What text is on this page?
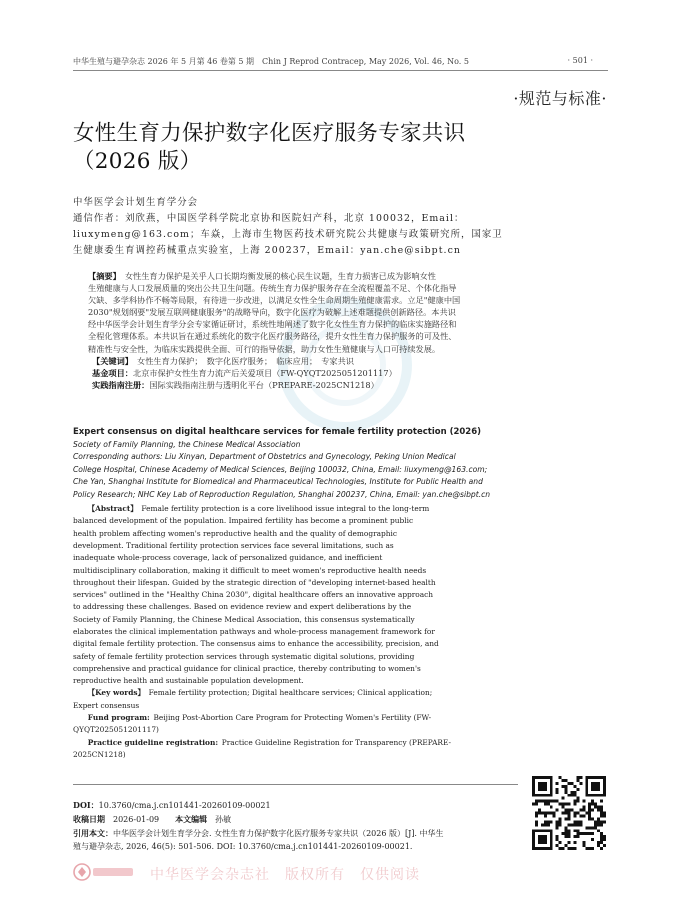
中华生殖与避孕杂志 2026 年 5 月第 46 卷第 5 期　Chin J Reprod Contracep, May 2026, Vol. 46, No. 5	· 501 ·
·规范与标准·
女性生育力保护数字化医疗服务专家共识
（2026 版）
中华医学会计划生育学分会
通信作者：刘欣燕，中国医学科学院北京协和医院妇产科，北京 100032，Email：
liuxymeng@163.com；车焱，上海市生物医药技术研究院公共健康与政策研究所，国家卫
生健康委生育调控药械重点实验室，上海 200237，Email：yan.che@sibpt.cn
【摘要】  女性生育力保护是关乎人口长期均衡发展的核心民生议题，生育力损害已成为影响女性
生殖健康与人口发展质量的突出公共卫生问题。传统生育力保护服务存在全流程覆盖不足、个体化指导
欠缺、多学科协作不畅等局限，有待进一步改进，以满足女性全生命周期生殖健康需求。立足"健康中国
2030"规划纲要"发展互联网健康服务"的战略导向，数字化医疗为破解上述难题提供创新路径。本共识
经中华医学会计划生育学分会专家循证研讨，系统性地阐述了数字化女性生育力保护的临床实施路径和
全程化管理体系。本共识旨在通过系统化的数字化医疗服务路径，提升女性生育力保护服务的可及性、
精准性与安全性，为临床实践提供全面、可行的指导依据，助力女性生殖健康与人口可持续发展。
【关键词】  女性生育力保护；　数字化医疗服务；　临床应用；　专家共识
基金项目：北京市保护女性生育力流产后关爱项目（FW-QYQT2025051201117）
实践指南注册：国际实践指南注册与透明化平台（PREPARE-2025CN1218）
Expert consensus on digital healthcare services for female fertility protection (2026)
Society of Family Planning, the Chinese Medical Association
Corresponding authors: Liu Xinyan, Department of Obstetrics and Gynecology, Peking Union Medical
College Hospital, Chinese Academy of Medical Sciences, Beijing 100032, China, Email: liuxymeng@163.com;
Che Yan, Shanghai Institute for Biomedical and Pharmaceutical Technologies, Institute for Public Health and
Policy Research; NHC Key Lab of Reproduction Regulation, Shanghai 200237, China, Email: yan.che@sibpt.cn
  【Abstract】  Female fertility protection is a core livelihood issue integral to the long-term
balanced development of the population. Impaired fertility has become a prominent public
health problem affecting women's reproductive health and the quality of demographic
development. Traditional fertility protection services face several limitations, such as
inadequate whole-process coverage, lack of personalized guidance, and inefficient
multidisciplinary collaboration, making it difficult to meet women's reproductive health needs
throughout their lifespan. Guided by the strategic direction of "developing internet-based health
services" outlined in the "Healthy China 2030", digital healthcare offers an innovative approach
to addressing these challenges. Based on evidence review and expert deliberations by the
Society of Family Planning, the Chinese Medical Association, this consensus systematically
elaborates the clinical implementation pathways and whole-process management framework for
digital female fertility protection. The consensus aims to enhance the accessibility, precision, and
safety of female fertility protection services through systematic digital solutions, providing
comprehensive and practical guidance for clinical practice, thereby contributing to women's
reproductive health and sustainable population development.
  【Key words】  Female fertility protection; Digital healthcare services; Clinical application;
Expert consensus
  Fund program:  Beijing Post-Abortion Care Program for Protecting Women's Fertility (FW-
QYQT2025051201117)
  Practice guideline registration:  Practice Guideline Registration for Transparency (PREPARE-
2025CN1218)
DOI：10.3760/cma.j.cn101441-20260109-00021
收稿日期  2026-01-09   本文编辑  孙敏
引用本文：中华医学会计划生育学分会. 女性生育力保护数字化医疗服务专家共识（2026 版）[J]. 中华生
殖与避孕杂志, 2026, 46(5): 501-506. DOI: 10.3760/cma.j.cn101441-20260109-00021.
中华医学会杂志社　版权所有　仅供阅读
